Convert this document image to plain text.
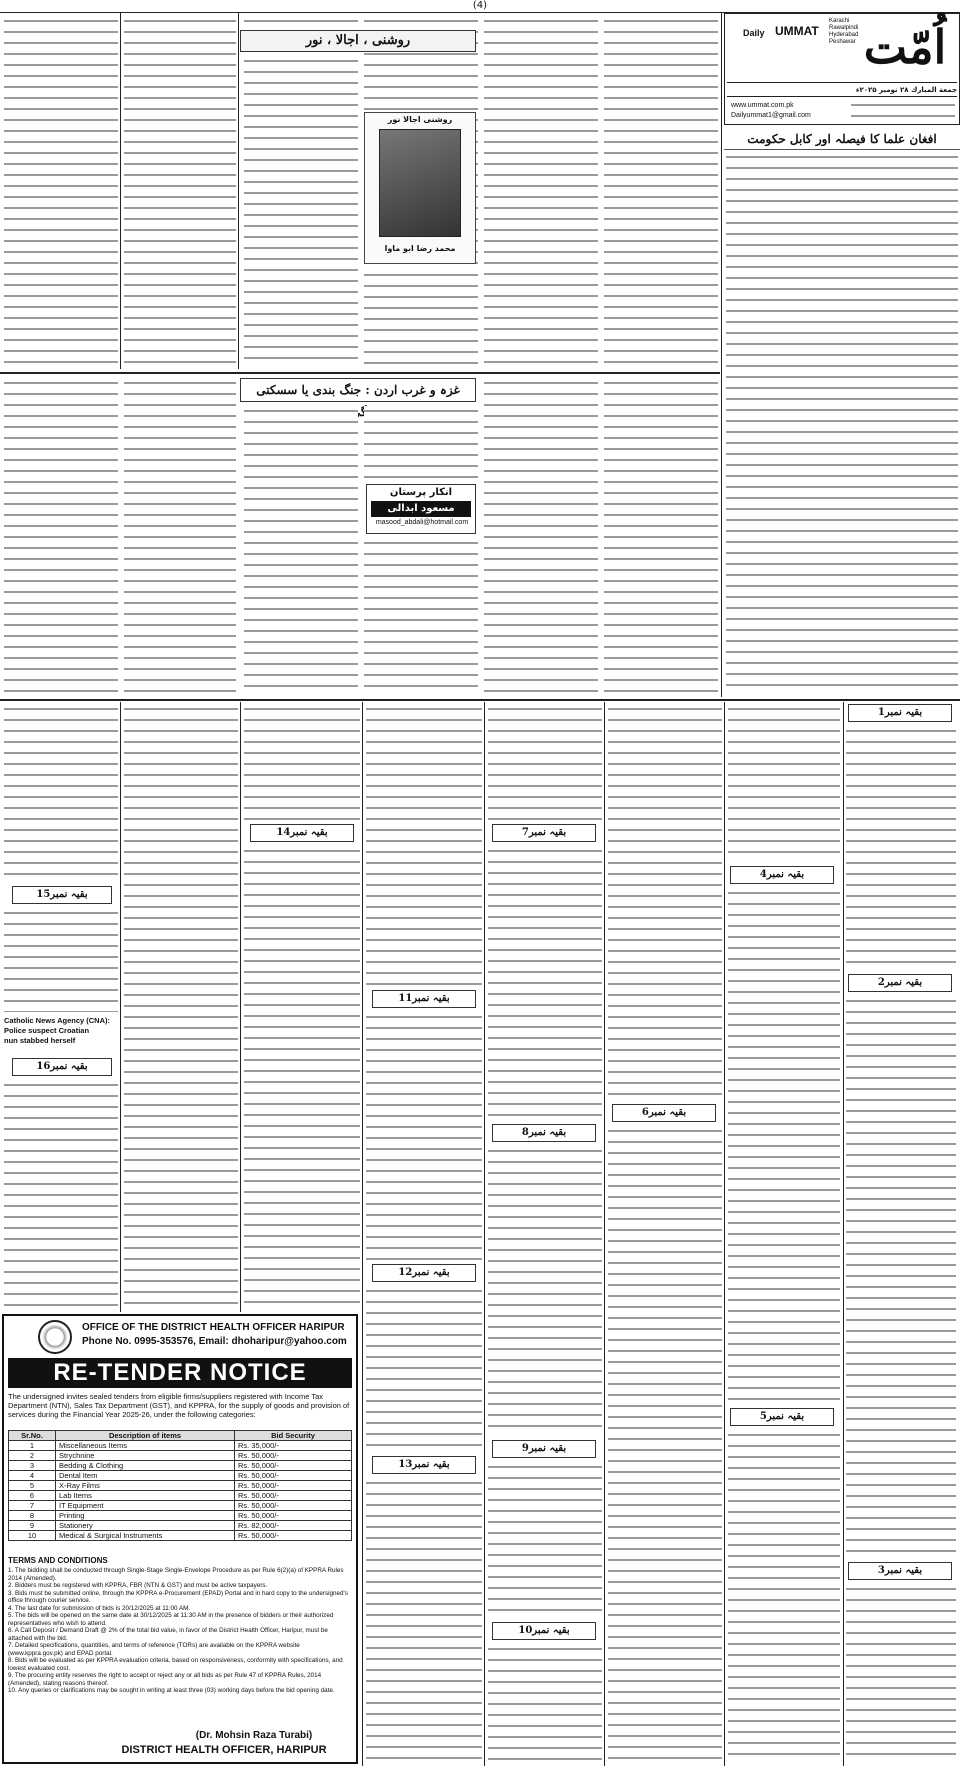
(4)
اُمّت
Daily UMMAT
Karachi
Rawalpindi
Hyderabad
Peshawar
جمعة المبارك ۲۸ نومبر ۲۰۲۵ء
www.ummat.com.pk
Dailyummat1@gmail.com
افغان علما کا فیصلہ اور کابل حکومت
روشنی ، اجالا ، نور
روشنی اجالا نور
محمد رضا ابو ماوا
غزہ و غرب اردن : جنگ بندی یا سسکتی
انکار پرستان
مسعود ابدالی
masood_abdali@hotmail.com
بقیہ نمبر1
بقیہ نمبر2
بقیہ نمبر3
بقیہ نمبر4
بقیہ نمبر5
بقیہ نمبر6
بقیہ نمبر7
بقیہ نمبر8
بقیہ نمبر9
بقیہ نمبر10
بقیہ نمبر11
بقیہ نمبر12
بقیہ نمبر13
بقیہ نمبر14
بقیہ نمبر15
Catholic News Agency (CNA): Police suspect Croatian
nun stabbed herself
بقیہ نمبر16
OFFICE OF THE DISTRICT HEALTH OFFICER HARIPUR
Phone No. 0995-353576, Email: dhoharipur@yahoo.com
RE-TENDER NOTICE
The undersigned invites sealed tenders from eligible firms/suppliers registered with Income Tax Department (NTN), Sales Tax Department (GST), and KPPRA, for the supply of goods and provision of services during the Financial Year 2025-26, under the following categories:
Sr.No.	Description of items	Bid Security
1	Miscellaneous Items	Rs. 35,000/-
2	Strychnine	Rs. 50,000/-
3	Bedding & Clothing	Rs. 50,000/-
4	Dental Item	Rs. 50,000/-
5	X-Ray Films	Rs. 50,000/-
6	Lab Items	Rs. 50,000/-
7	IT Equipment	Rs. 50,000/-
8	Printing	Rs. 50,000/-
9	Stationery	Rs. 82,000/-
10	Medical & Surgical Instruments	Rs. 50,000/-
TERMS AND CONDITIONS
1. The bidding shall be conducted through Single-Stage Single-Envelope Procedure as per Rule 6(2)(a) of KPPRA Rules 2014 (Amended).
2. Bidders must be registered with KPPRA, FBR (NTN & GST) and must be active taxpayers.
3. Bids must be submitted online, through the KPPRA e-Procurement (EPAD) Portal and in hard copy to the undersigned's office through courier service.
4. The last date for submission of bids is 20/12/2025 at 11:00 AM.
5. The bids will be opened on the same date at 30/12/2025 at 11:30 AM in the presence of bidders or their authorized representatives who wish to attend.
6. A Call Deposit / Demand Draft @ 2% of the total bid value, in favor of the District Health Officer, Haripur, must be attached with the bid.
7. Detailed specifications, quantities, and terms of reference (TORs) are available on the KPPRA website (www.kppra.gov.pk) and EPAD portal.
8. Bids will be evaluated as per KPPRA evaluation criteria, based on responsiveness, conformity with specifications, and lowest evaluated cost.
9. The procuring entity reserves the right to accept or reject any or all bids as per Rule 47 of KPPRA Rules, 2014 (Amended), stating reasons thereof.
10. Any queries or clarifications may be sought in writing at least three (03) working days before the bid opening date.
(Dr. Mohsin Raza Turabi)
DISTRICT HEALTH OFFICER, HARIPUR
